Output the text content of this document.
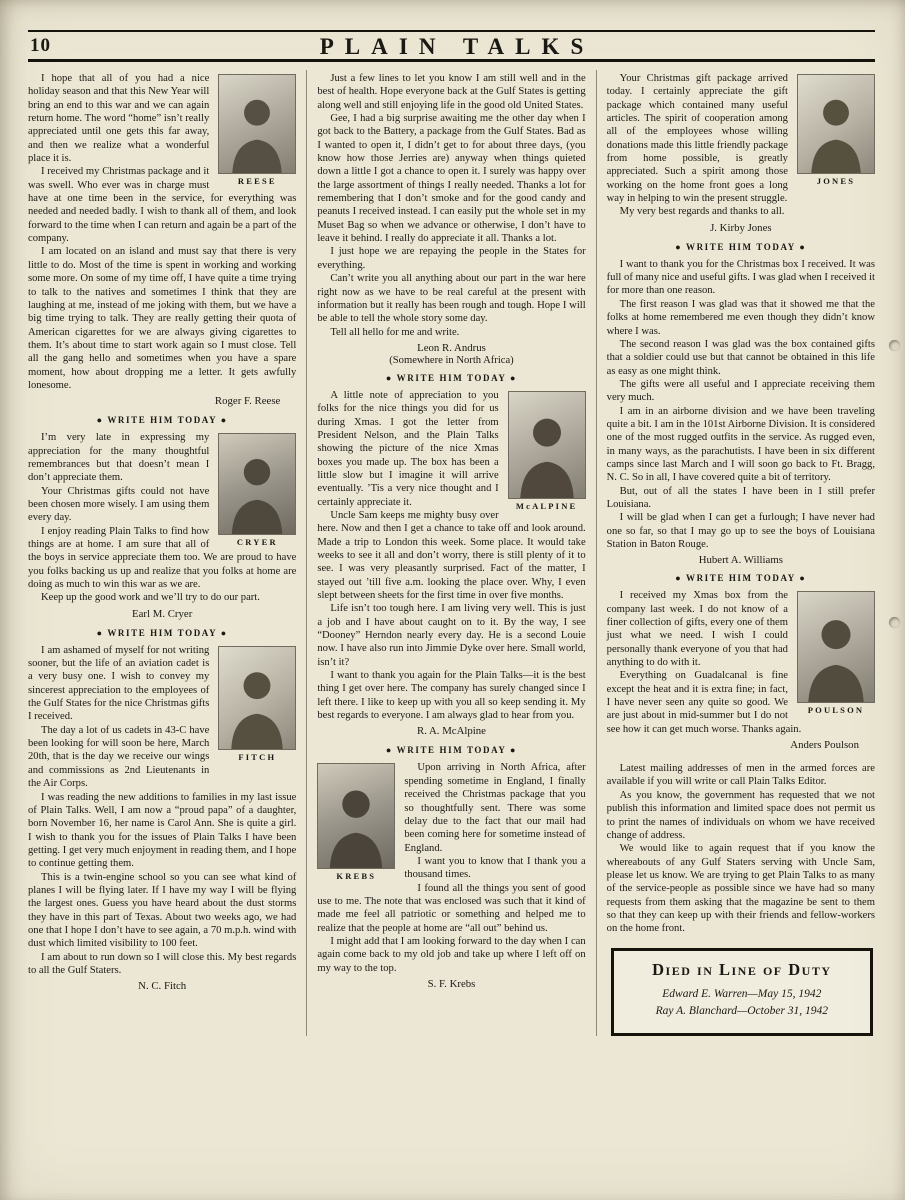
10	PLAIN TALKS
REESE

I hope that all of you had a nice holiday season and that this New Year will bring an end to this war and we can again return home. The word “home” isn’t really appreciated until one gets this far away, and then we realize what a wonderful place it is.

I received my Christmas package and it was swell. Who ever was in charge must have at one time been in the service, for everything was needed and needed badly. I wish to thank all of them, and look forward to the time when I can return and again be a part of the company.

I am located on an island and must say that there is very little to do. Most of the time is spent in working and working some more. On some of my time off, I have quite a time trying to talk to the natives and sometimes I think that they are laughing at me, instead of me joking with them, but we have a big time trying to talk. They are really getting their quota of American cigarettes for we are always giving cigarettes to them. It’s about time to start work again so I must close. Tell all the gang hello and sometimes when you have a spare moment, how about dropping me a letter. It gets awfully lonesome.

Roger F. Reese
● WRITE HIM TODAY ●
CRYER

I’m very late in expressing my appreciation for the many thoughtful remembrances but that doesn’t mean I don’t appreciate them.

Your Christmas gifts could not have been chosen more wisely. I am using them every day.

I enjoy reading Plain Talks to find how things are at home. I am sure that all of the boys in service appreciate them too. We are proud to have you folks backing us up and realize that you folks at home are doing as much to win this war as we are.

Keep up the good work and we’ll try to do our part.

Earl M. Cryer
● WRITE HIM TODAY ●
FITCH

I am ashamed of myself for not writing sooner, but the life of an aviation cadet is a very busy one. I wish to convey my sincerest appreciation to the employees of the Gulf States for the nice Christmas gifts I received.

The day a lot of us cadets in 43-C have been looking for will soon be here, March 20th, that is the day we receive our wings and commissions as 2nd Lieutenants in the Air Corps.

I was reading the new additions to families in my last issue of Plain Talks. Well, I am now a “proud papa” of a daughter, born November 16, her name is Carol Ann. She is quite a girl. I wish to thank you for the issues of Plain Talks I have been getting. I get very much enjoyment in reading them, and I hope to continue getting them.

This is a twin-engine school so you can see what kind of planes I will be flying later. If I have my way I will be flying the largest ones. Guess you have heard about the dust storms they have in this part of Texas. About two weeks ago, we had one that I hope I don’t have to see again, a 70 m.p.h. wind with dust which limited visibility to 100 feet.

I am about to run down so I will close this. My best regards to all the Gulf Staters.

N. C. Fitch

Just a few lines to let you know I am still well and in the best of health. Hope everyone back at the Gulf States is getting along well and still enjoying life in the good old United States.

Gee, I had a big surprise awaiting me the other day when I got back to the Battery, a package from the Gulf States. Bad as I wanted to open it, I didn’t get to for about three days, (you know how those Jerries are) anyway when things quieted down a little I got a chance to open it. I surely was happy over the large assortment of things I really needed. Thanks a lot for remembering that I don’t smoke and for the good candy and peanuts I received instead. I can easily put the whole set in my Muset Bag so when we advance or otherwise, I don’t have to leave it behind. I really do appreciate it all. Thanks a lot.

I just hope we are repaying the people in the States for everything.

Can’t write you all anything about our part in the war here right now as we have to be real careful at the present with information but it really has been rough and tough. Hope I will be able to tell the whole story some day.

Tell all hello for me and write.

Leon R. Andrus
(Somewhere in North Africa)
● WRITE HIM TODAY ●
McALPINE

A little note of appreciation to you folks for the nice things you did for us during Xmas. I got the letter from President Nelson, and the Plain Talks showing the picture of the nice Xmas boxes you made up. The box has been a little slow but I imagine it will arrive eventually. ’Tis a very nice thought and I certainly appreciate it.

Uncle Sam keeps me mighty busy over here. Now and then I get a chance to take off and look around. Made a trip to London this week. Some place. It would take weeks to see it all and don’t worry, there is still plenty of it to see. I was very pleasantly surprised. Fact of the matter, I stayed out ’till five a.m. looking the place over. Why, I even slept between sheets for the first time in over five months.

Life isn’t too tough here. I am living very well. This is just a job and I have about caught on to it. By the way, I see “Dooney” Herndon nearly every day. He is a second Louie now. I have also run into Jimmie Dyke over here. Small world, isn’t it?

I want to thank you again for the Plain Talks—it is the best thing I get over here. The company has surely changed since I left there. I like to keep up with you all so keep sending it. My best regards to everyone. I am always glad to hear from you.

R. A. McAlpine
● WRITE HIM TODAY ●
KREBS

Upon arriving in North Africa, after spending sometime in England, I finally received the Christmas package that you so thoughtfully sent. There was some delay due to the fact that our mail had been coming here for sometime instead of England.

I want you to know that I thank you a thousand times.

I found all the things you sent of good use to me. The note that was enclosed was such that it kind of made me feel all patriotic or something and helped me to realize that the people at home are “all out” behind us.

I might add that I am looking forward to the day when I can again come back to my old job and take up where I left off on my way to the top.

S. F. Krebs
JONES

Your Christmas gift package arrived today. I certainly appreciate the gift package which contained many useful articles. The spirit of cooperation among all of the employees whose willing donations made this little friendly package from home possible, is greatly appreciated. Such a spirit among those working on the home front goes a long way in helping to win the present struggle.

My very best regards and thanks to all.

J. Kirby Jones
● WRITE HIM TODAY ●

I want to thank you for the Christmas box I received. It was full of many nice and useful gifts. I was glad when I received it for more than one reason.

The first reason I was glad was that it showed me that the folks at home remembered me even though they didn’t know where I was.

The second reason I was glad was the box contained gifts that a soldier could use but that cannot be obtained in this life as easy as one might think.

The gifts were all useful and I appreciate receiving them very much.

I am in an airborne division and we have been traveling quite a bit. I am in the 101st Airborne Division. It is considered one of the most rugged outfits in the service. As rugged even, in many ways, as the parachutists. I have been in six different camps since last March and I will soon go back to Ft. Bragg, N. C. So in all, I have covered quite a bit of territory.

But, out of all the states I have been in I still prefer Louisiana.

I will be glad when I can get a furlough; I have never had one so far, so that I may go up to see the boys of Louisiana Station in Baton Rouge.

Hubert A. Williams
● WRITE HIM TODAY ●
POULSON

I received my Xmas box from the company last week. I do not know of a finer collection of gifts, every one of them just what we need. I wish I could personally thank everyone of you that had anything to do with it.

Everything on Guadalcanal is fine except the heat and it is extra fine; in fact, I have never seen any quite so good. We are just about in mid-summer but I do not see how it can get much worse. Thanks again.

Anders Poulson

Latest mailing addresses of men in the armed forces are available if you will write or call Plain Talks Editor.

As you know, the government has requested that we not publish this information and limited space does not permit us to print the names of individuals on whom we have received change of address.

We would like to again request that if you know the whereabouts of any Gulf Staters serving with Uncle Sam, please let us know. We are trying to get Plain Talks to as many of the service-people as possible since we have had so many requests from them asking that the magazine be sent to them so that they can keep up with their friends and fellow-workers on the home front.

Died in Line of Duty
Edward E. Warren—May 15, 1942
Ray A. Blanchard—October 31, 1942
